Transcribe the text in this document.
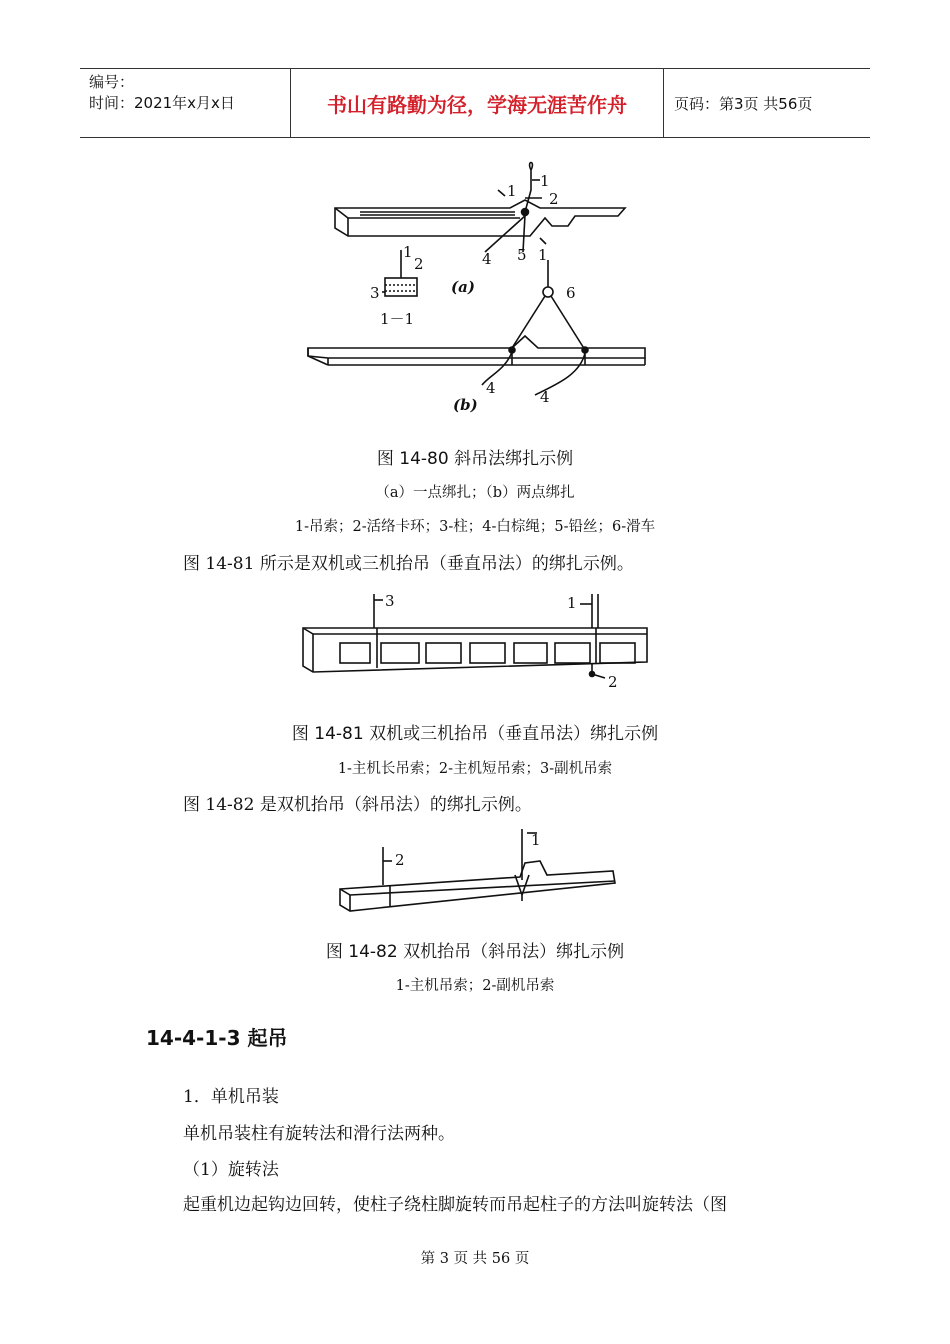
编号：
时间：2021年x月x日	书山有路勤为径，学海无涯苦作舟	页码：第3页 共56页
1
2
1
4 5 1
1
2
3	6
4	4
1－1
(a)
(b)
图 14-80 斜吊法绑扎示例
（a）一点绑扎；（b）两点绑扎
1-吊索；2-活络卡环；3-柱；4-白棕绳；5-铅丝；6-滑车
图 14-81 所示是双机或三机抬吊（垂直吊法）的绑扎示例。
3	1
2
图 14-81 双机或三机抬吊（垂直吊法）绑扎示例
1-主机长吊索；2-主机短吊索；3-副机吊索
图 14-82 是双机抬吊（斜吊法）的绑扎示例。
2
1
图 14-82 双机抬吊（斜吊法）绑扎示例
1-主机吊索；2-副机吊索
14-4-1-3 起吊
1．单机吊装
单机吊装柱有旋转法和滑行法两种。
（1）旋转法
起重机边起钩边回转，使柱子绕柱脚旋转而吊起柱子的方法叫旋转法（图
第 3 页 共 56 页
